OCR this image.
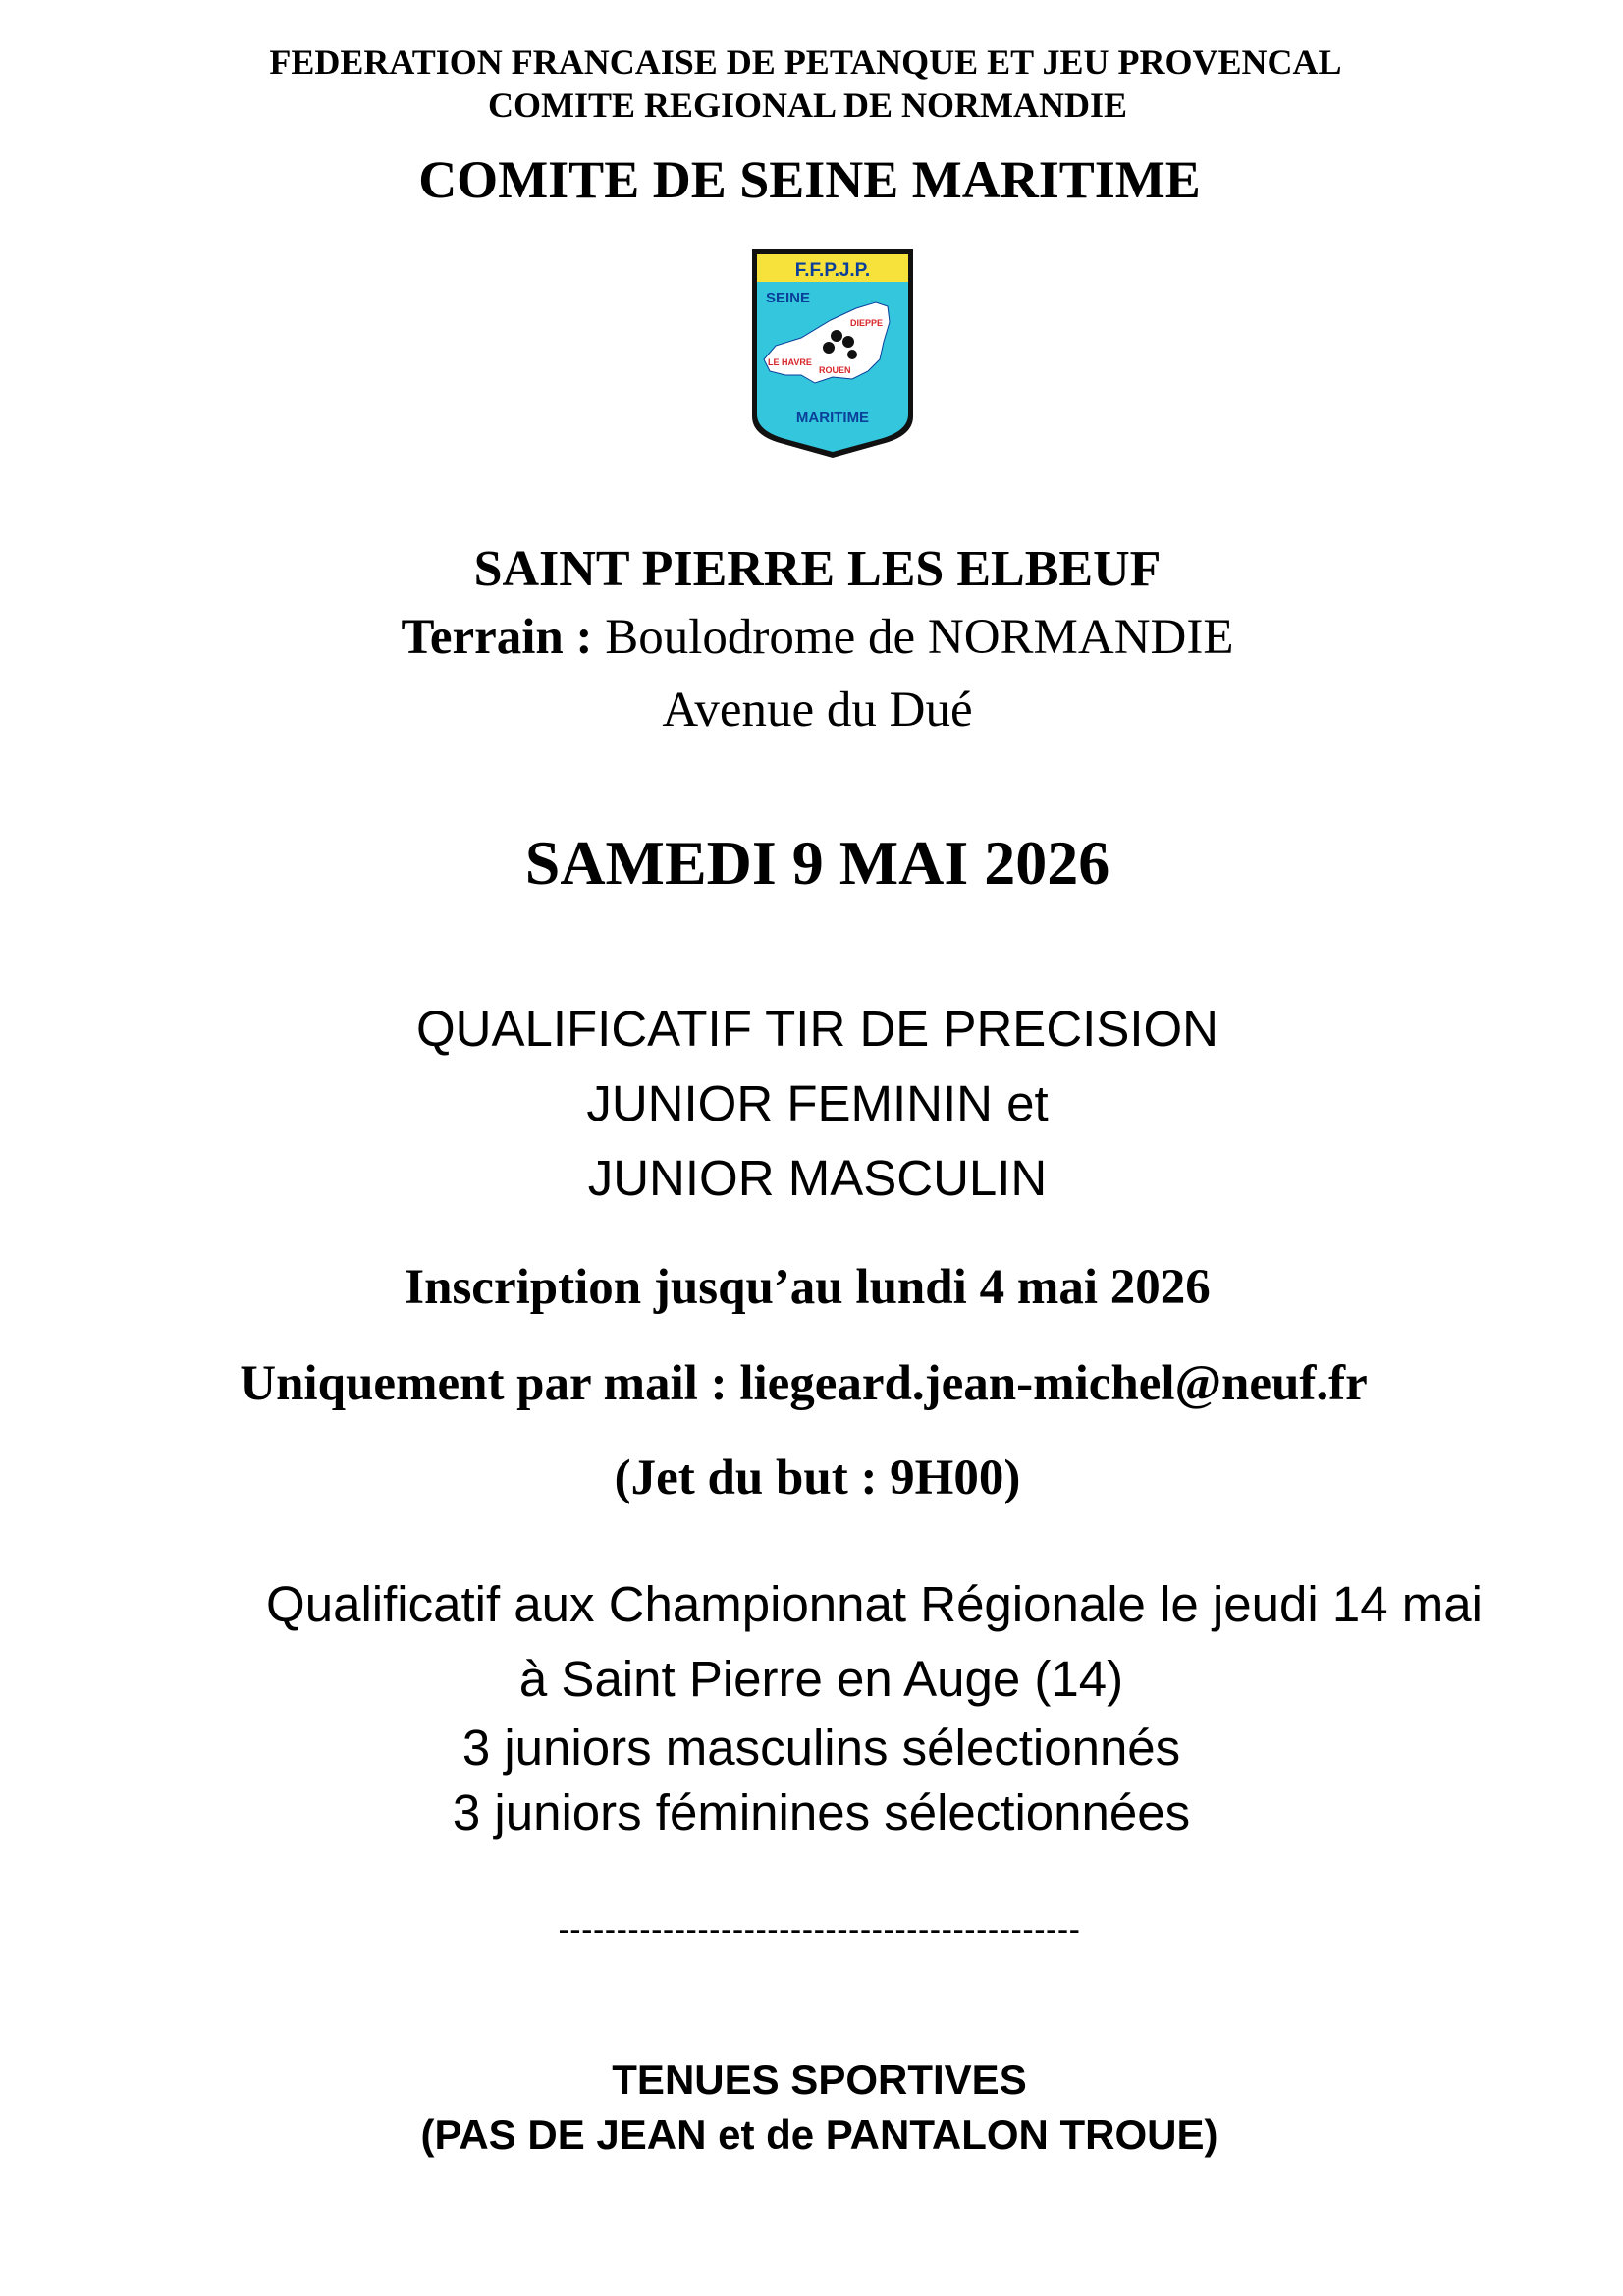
FEDERATION FRANCAISE DE PETANQUE ET JEU PROVENCAL
COMITE REGIONAL DE NORMANDIE
COMITE DE SEINE MARITIME
F.F.P.J.P.
SEINE
DIEPPE
LE HAVRE
ROUEN
MARITIME
SAINT PIERRE LES ELBEUF
Terrain : Boulodrome de NORMANDIE
Avenue du Dué
SAMEDI 9 MAI 2026
QUALIFICATIF TIR DE PRECISION
JUNIOR FEMININ et
JUNIOR MASCULIN
Inscription jusqu’au lundi 4 mai 2026
Uniquement par mail : liegeard.jean-michel@neuf.fr
(Jet du but : 9H00)
Qualificatif aux Championnat Régionale le jeudi 14 mai
à Saint Pierre en Auge (14)
3 juniors masculins sélectionnés
3 juniors féminines sélectionnées
---------------------------------------------
TENUES SPORTIVES
(PAS DE JEAN et de PANTALON TROUE)
